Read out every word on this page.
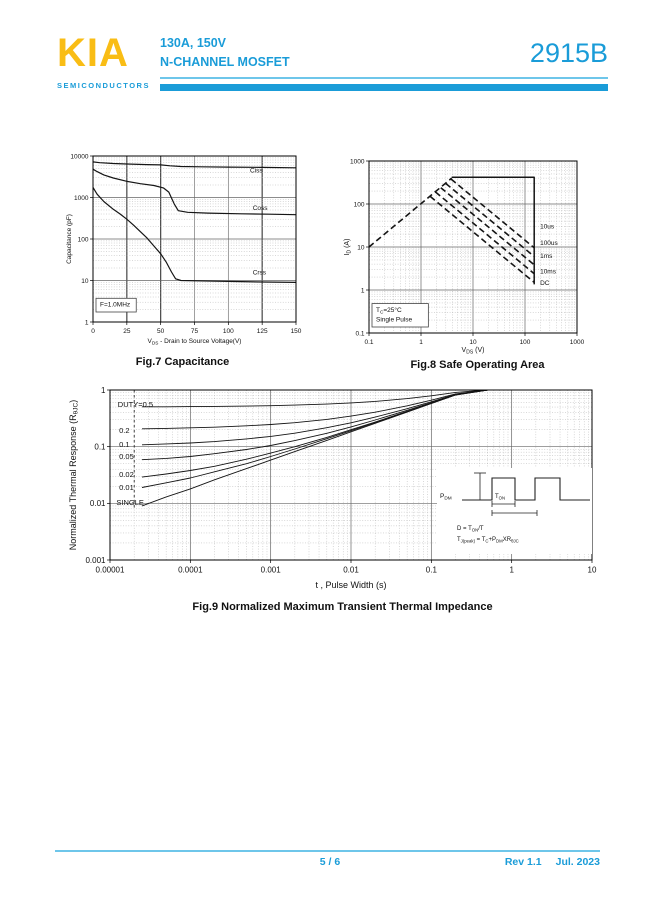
KIA
SEMICONDUCTORS
130A, 150V
N-CHANNEL MOSFET	2915B
0	25	50	75	100	125	150
1
10
100
1000
10000
$V_{DS}$ - Drain to Source Voltage(V)
Capacitance (pF)
Ciss
Coss
Crss
F=1.0MHz
0.1	1	10	100	1000
0.1
1
10
100
1000
$V_{DS}$ (V)
$I_D$ (A)
10us
100us
1ms
10ms
DC
$T_C=25^\circ C$
Single Pulse
0.00001	0.0001	0.001	0.01	0.1	1	10
0.001
0.01
0.1
1
t , Pulse Width (s)
Normalized Thermal Response (RθJC)	DUTY=0.5
0.2
0.1
0.05
0.02
0.01
SINGLE
$P_{DM}$	$T_{ON}$
$D = T_{ON}/T$
$T_{J(peak)} = T_C+P_{DM}XR_{\theta JC}$
Fig.7 Capacitance	Fig.8 Safe Operating Area
Fig.9 Normalized Maximum Transient Thermal Impedance
5 / 6	Rev 1.1 Jul. 2023
